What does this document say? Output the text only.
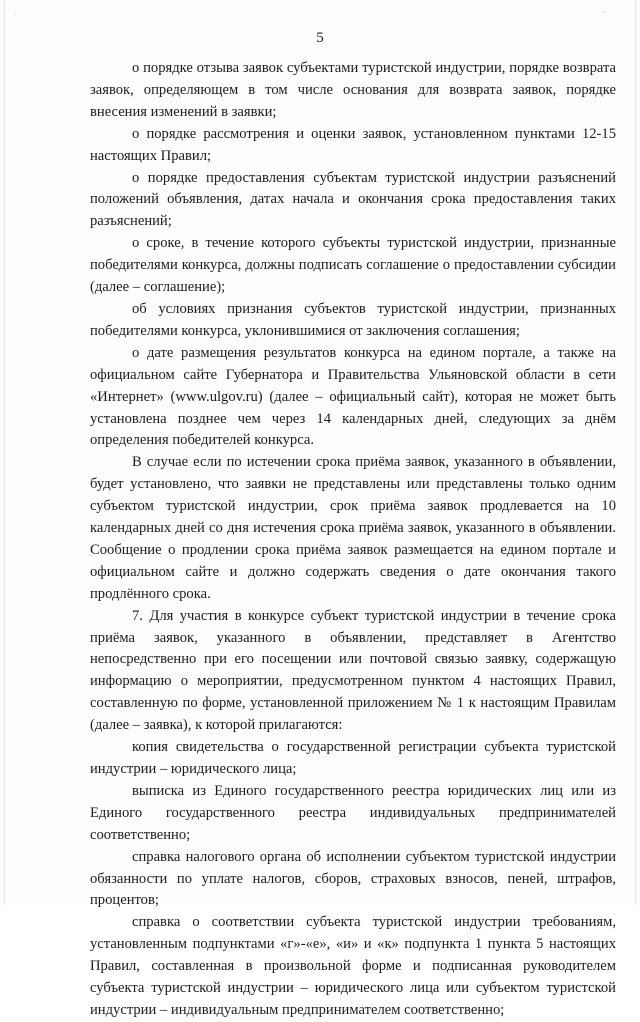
·	··
5

о порядке отзыва заявок субъектами туристской индустрии, порядке возврата заявок, определяющем в том числе основания для возврата заявок, порядке внесения изменений в заявки;

о порядке рассмотрения и оценки заявок, установленном пунктами 12-15 настоящих Правил;

о порядке предоставления субъектам туристской индустрии разъяснений положений объявления, датах начала и окончания срока предоставления таких разъяснений;

о сроке, в течение которого субъекты туристской индустрии, признанные победителями конкурса, должны подписать соглашение о предоставлении субсидии (далее – соглашение);

об условиях признания субъектов туристской индустрии, признанных победителями конкурса, уклонившимися от заключения соглашения;

о дате размещения результатов конкурса на едином портале, а также на официальном сайте Губернатора и Правительства Ульяновской области в сети «Интернет» (www.ulgov.ru) (далее – официальный сайт), которая не может быть установлена позднее чем через 14 календарных дней, следующих за днём определения победителей конкурса.

В случае если по истечении срока приёма заявок, указанного в объявлении, будет установлено, что заявки не представлены или представлены только одним субъектом туристской индустрии, срок приёма заявок продлевается на 10 календарных дней со дня истечения срока приёма заявок, указанного в объявлении. Сообщение о продлении срока приёма заявок размещается на едином портале и официальном сайте и должно содержать сведения о дате окончания такого продлённого срока.

7. Для участия в конкурсе субъект туристской индустрии в течение срока приёма заявок, указанного в объявлении, представляет в Агентство непосредственно при его посещении или почтовой связью заявку, содержащую информацию о мероприятии, предусмотренном пунктом 4 настоящих Правил, составленную по форме, установленной приложением № 1 к настоящим Правилам (далее – заявка), к которой прилагаются:

копия свидетельства о государственной регистрации субъекта туристской индустрии – юридического лица;

выписка из Единого государственного реестра юридических лиц или из Единого государственного реестра индивидуальных предпринимателей соответственно;

справка налогового органа об исполнении субъектом туристской индустрии обязанности по уплате налогов, сборов, страховых взносов, пеней, штрафов, процентов;

справка о соответствии субъекта туристской индустрии требованиям, установленным подпунктами «г»-«е», «и» и «к» подпункта 1 пункта 5 настоящих Правил, составленная в произвольной форме и подписанная руководителем субъекта туристской индустрии – юридического лица или субъектом туристской индустрии – индивидуальным предпринимателем соответственно;
